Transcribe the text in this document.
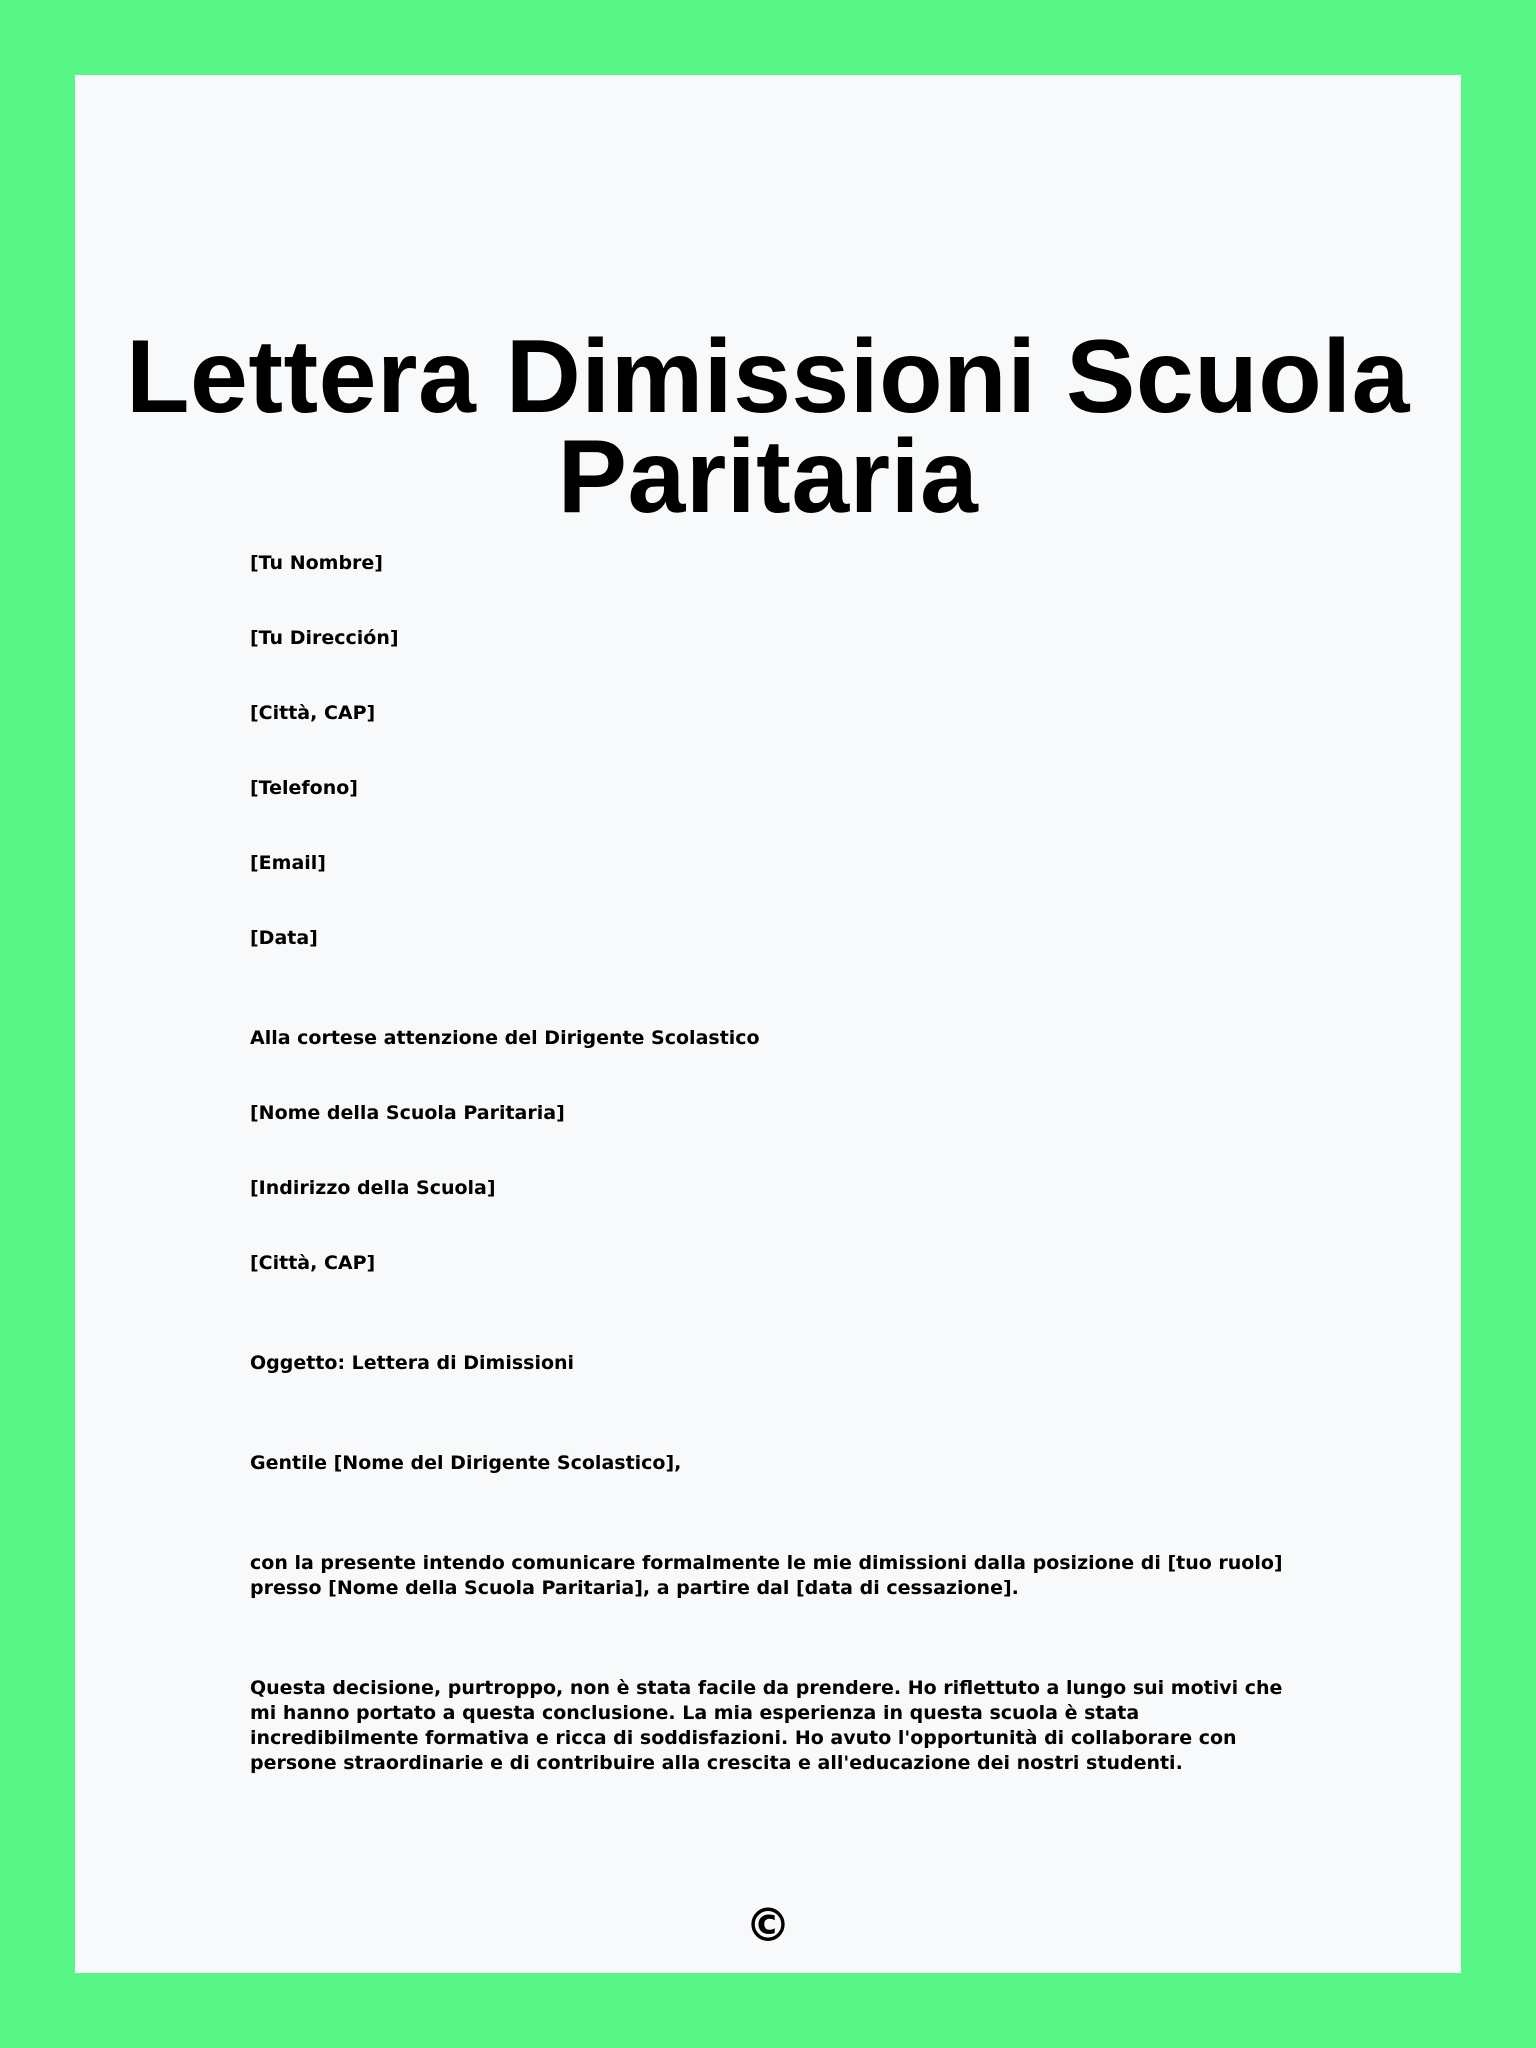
Lettera Dimissioni Scuola
Paritaria

[Tu Nombre]

[Tu Dirección]

[Città, CAP]

[Telefono]

[Email]

[Data]

Alla cortese attenzione del Dirigente Scolastico

[Nome della Scuola Paritaria]

[Indirizzo della Scuola]

[Città, CAP]

Oggetto: Lettera di Dimissioni

Gentile [Nome del Dirigente Scolastico],

con la presente intendo comunicare formalmente le mie dimissioni dalla posizione di [tuo ruolo] presso [Nome della Scuola Paritaria], a partire dal [data di cessazione].

Questa decisione, purtroppo, non è stata facile da prendere. Ho riflettuto a lungo sui motivi che mi hanno portato a questa conclusione. La mia esperienza in questa scuola è stata incredibilmente formativa e ricca di soddisfazioni. Ho avuto l'opportunità di collaborare con persone straordinarie e di contribuire alla crescita e all'educazione dei nostri studenti.

©
